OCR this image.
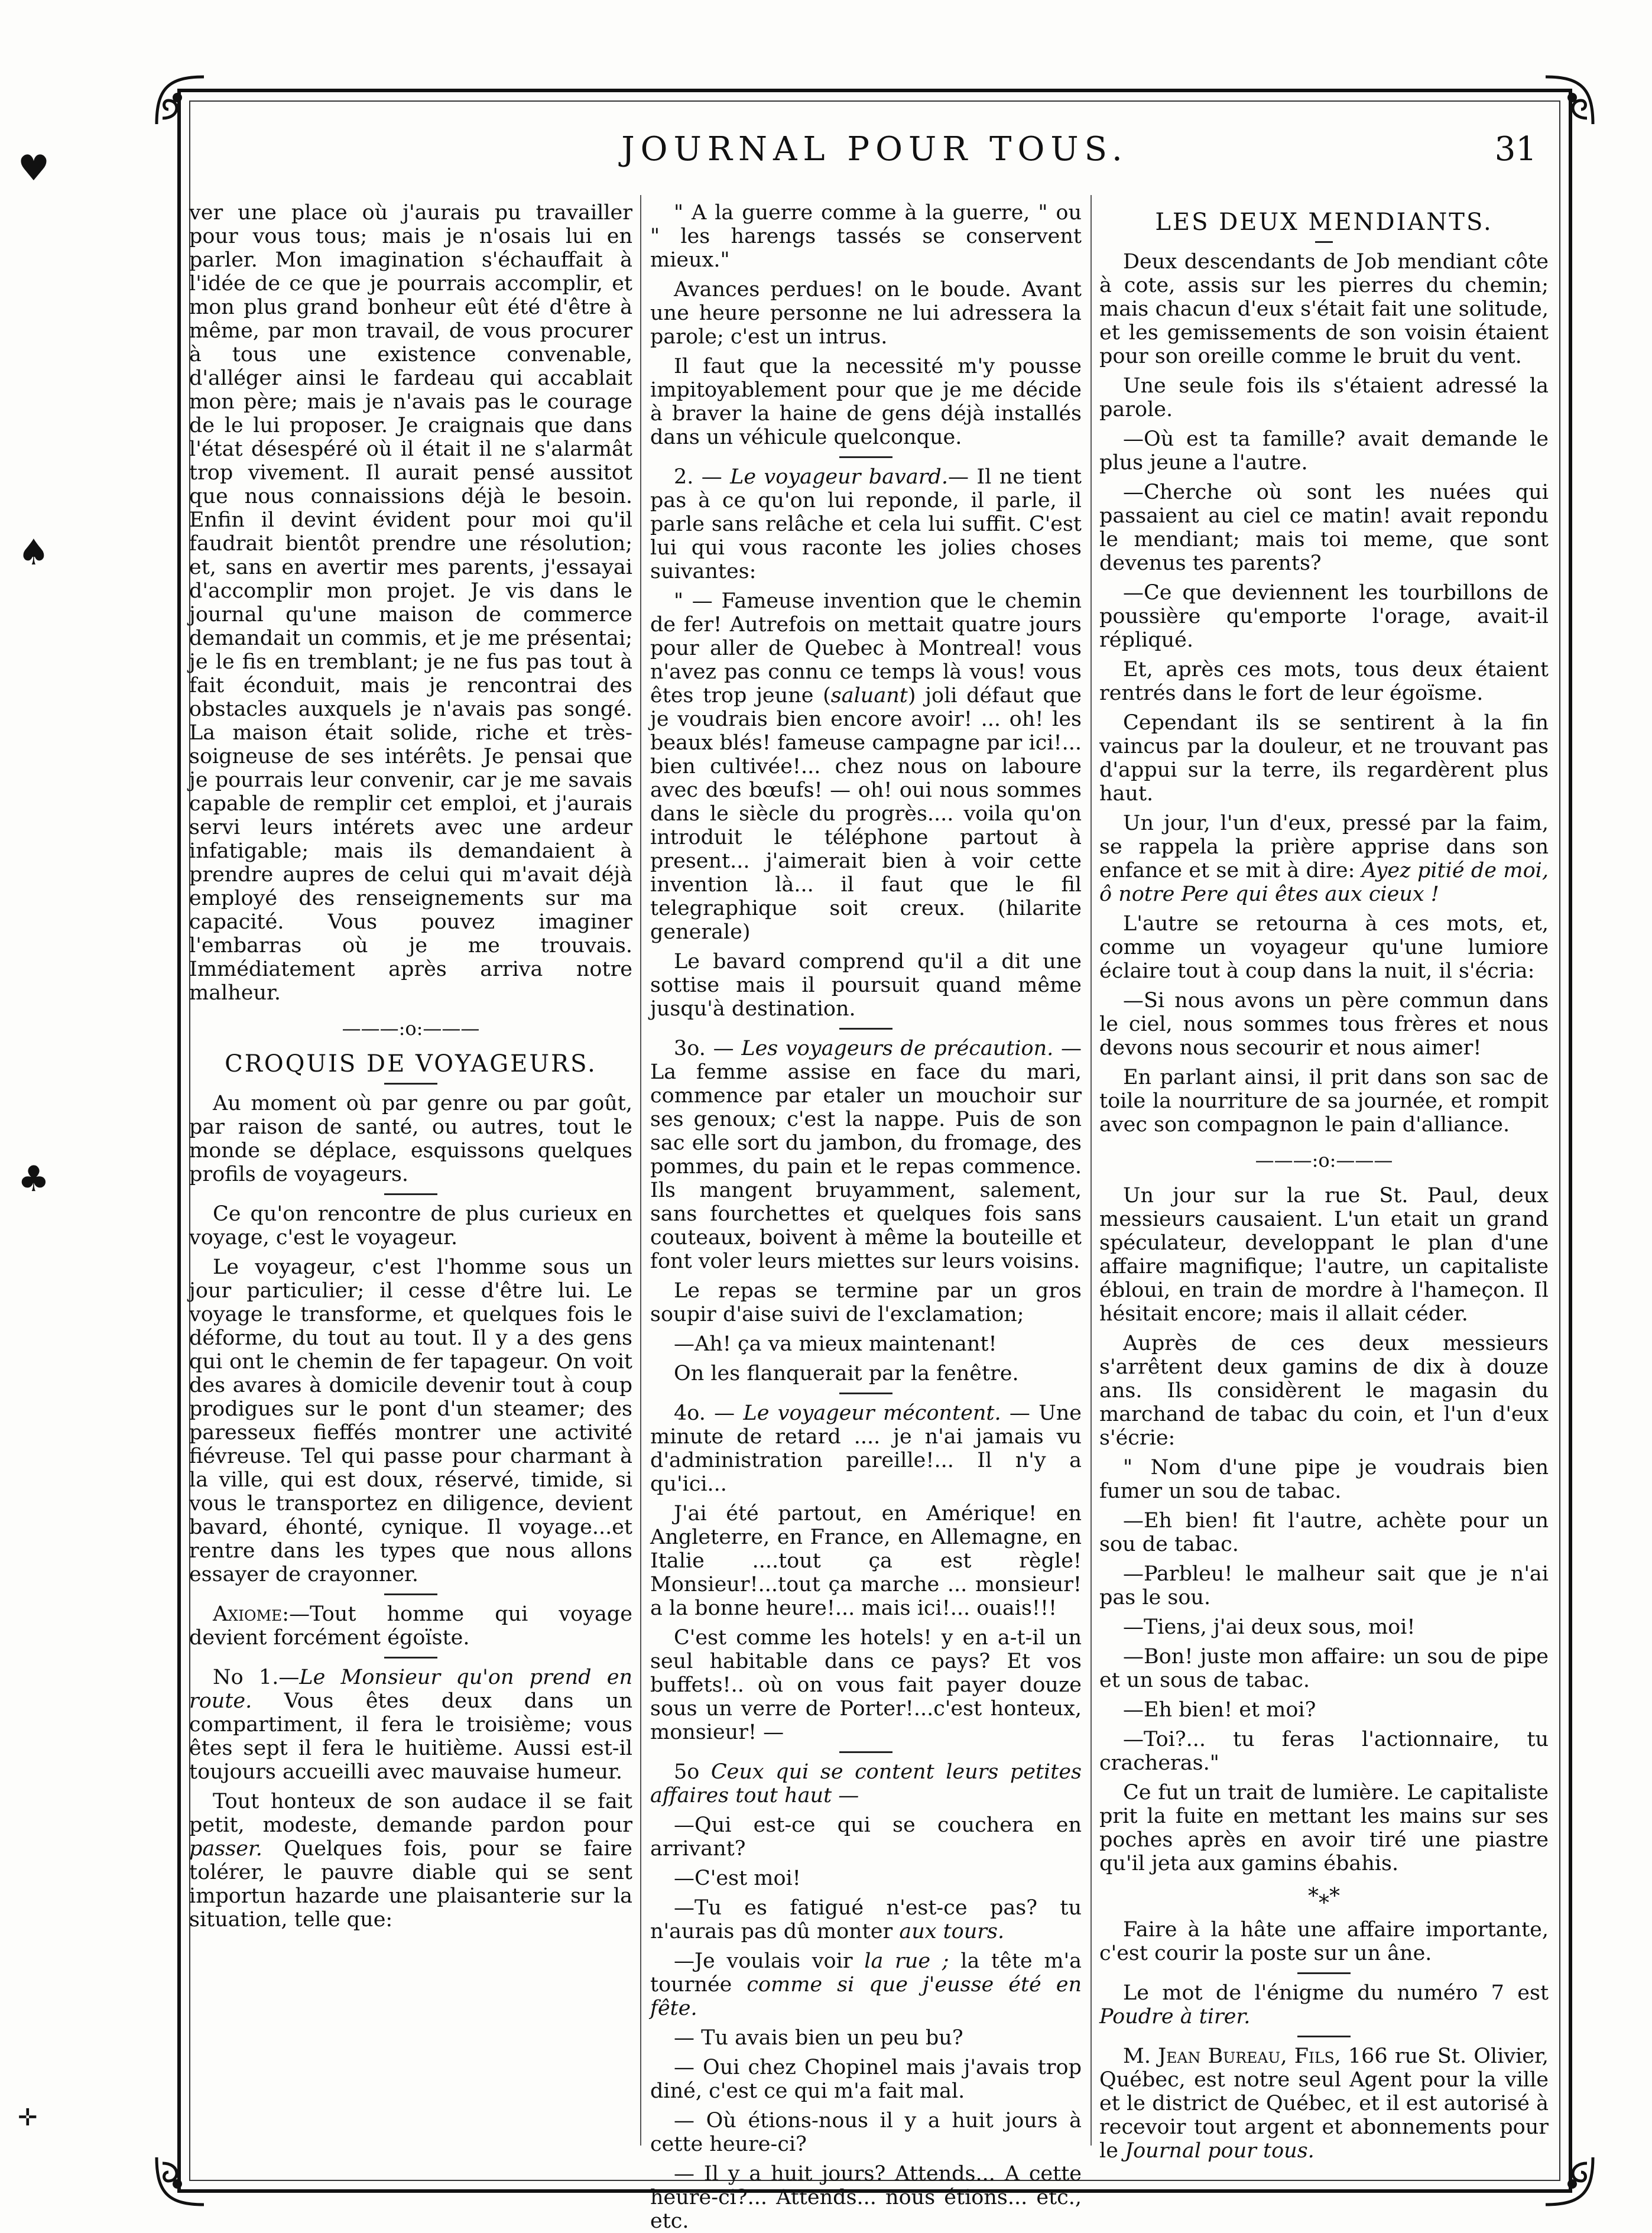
♥
♠
♣
✛
JOURNAL POUR TOUS.	31

ver une place où j'aurais pu travailler pour vous tous; mais je n'osais lui en parler. Mon imagination s'échauffait à l'idée de ce que je pourrais accomplir, et mon plus grand bonheur eût été d'être à même, par mon travail, de vous procurer à tous une existence convenable, d'alléger ainsi le fardeau qui accablait mon père; mais je n'avais pas le courage de le lui proposer. Je craignais que dans l'état désespéré où il était il ne s'alarmât trop vivement. Il aurait pensé aussitot que nous connaissions déjà le besoin. Enfin il devint évident pour moi qu'il faudrait bientôt prendre une résolution; et, sans en avertir mes parents, j'essayai d'accomplir mon projet. Je vis dans le journal qu'une maison de commerce demandait un commis, et je me présentai; je le fis en tremblant; je ne fus pas tout à fait éconduit, mais je rencontrai des obstacles auxquels je n'avais pas songé. La maison était solide, riche et très-soigneuse de ses intérêts. Je pensai que je pourrais leur convenir, car je me savais capable de remplir cet emploi, et j'aurais servi leurs intérets avec une ardeur infatigable; mais ils demandaient à prendre aupres de celui qui m'avait déjà employé des renseignements sur ma capacité. Vous pouvez imaginer l'embarras où je me trouvais. Immédiatement après arriva notre malheur.

———:o:———
CROQUIS DE VOYAGEURS.

Au moment où par genre ou par goût, par raison de santé, ou autres, tout le monde se déplace, esquissons quelques profils de voyageurs.

Ce qu'on rencontre de plus curieux en voyage, c'est le voyageur.

Le voyageur, c'est l'homme sous un jour particulier; il cesse d'être lui. Le voyage le transforme, et quelques fois le déforme, du tout au tout. Il y a des gens qui ont le chemin de fer tapageur. On voit des avares à domicile devenir tout à coup prodigues sur le pont d'un steamer; des paresseux fieffés montrer une activité fiévreuse. Tel qui passe pour charmant à la ville, qui est doux, réservé, timide, si vous le transportez en diligence, devient bavard, éhonté, cynique. Il voyage...et rentre dans les types que nous allons essayer de crayonner.

Axiome:—Tout homme qui voyage devient forcément égoïste.

No 1.—Le Monsieur qu'on prend en route. Vous êtes deux dans un compartiment, il fera le troisième; vous êtes sept il fera le huitième. Aussi est-il toujours accueilli avec mauvaise humeur.

Tout honteux de son audace il se fait petit, modeste, demande pardon pour passer. Quelques fois, pour se faire tolérer, le pauvre diable qui se sent importun hazarde une plaisanterie sur la situation, telle que:

" A la guerre comme à la guerre, " ou " les harengs tassés se conservent mieux."

Avances perdues! on le boude. Avant une heure personne ne lui adressera la parole; c'est un intrus.

Il faut que la necessité m'y pousse impitoyablement pour que je me décide à braver la haine de gens déjà installés dans un véhicule quelconque.

2. — Le voyageur bavard.— Il ne tient pas à ce qu'on lui reponde, il parle, il parle sans relâche et cela lui suffit. C'est lui qui vous raconte les jolies choses suivantes:

" — Fameuse invention que le chemin de fer! Autrefois on mettait quatre jours pour aller de Quebec à Montreal! vous n'avez pas connu ce temps là vous! vous êtes trop jeune (saluant) joli défaut que je voudrais bien encore avoir! ... oh! les beaux blés! fameuse campagne par ici!... bien cultivée!... chez nous on laboure avec des bœufs! — oh! oui nous sommes dans le siècle du progrès.... voila qu'on introduit le téléphone partout à present... j'aimerait bien à voir cette invention là... il faut que le fil telegraphique soit creux. (hilarite generale)

Le bavard comprend qu'il a dit une sottise mais il poursuit quand même jusqu'à destination.

3o. — Les voyageurs de précaution. — La femme assise en face du mari, commence par etaler un mouchoir sur ses genoux; c'est la nappe. Puis de son sac elle sort du jambon, du fromage, des pommes, du pain et le repas commence. Ils mangent bruyamment, salement, sans fourchettes et quelques fois sans couteaux, boivent à même la bouteille et font voler leurs miettes sur leurs voisins.

Le repas se termine par un gros soupir d'aise suivi de l'exclamation;

—Ah! ça va mieux maintenant!

On les flanquerait par la fenêtre.

4o. — Le voyageur mécontent. — Une minute de retard .... je n'ai jamais vu d'administration pareille!... Il n'y a qu'ici...

J'ai été partout, en Amérique! en Angleterre, en France, en Allemagne, en Italie ....tout ça est règle! Monsieur!...tout ça marche ... monsieur! a la bonne heure!... mais ici!... ouais!!!

C'est comme les hotels! y en a-t-il un seul habitable dans ce pays? Et vos buffets!.. où on vous fait payer douze sous un verre de Porter!...c'est honteux, monsieur! —

5o Ceux qui se content leurs petites affaires tout haut —

—Qui est-ce qui se couchera en arrivant?

—C'est moi!

—Tu es fatigué n'est-ce pas? tu n'aurais pas dû monter aux tours.

—Je voulais voir la rue ; la tête m'a tournée comme si que j'eusse été en fête.

— Tu avais bien un peu bu?

— Oui chez Chopinel mais j'avais trop diné, c'est ce qui m'a fait mal.

— Où étions-nous il y a huit jours à cette heure-ci?

— Il y a huit jours? Attends... A cette heure-ci?... Attends... nous étions... etc., etc.

LES DEUX MENDIANTS.

Deux descendants de Job mendiant côte à cote, assis sur les pierres du chemin; mais chacun d'eux s'était fait une solitude, et les gemissements de son voisin étaient pour son oreille comme le bruit du vent.

Une seule fois ils s'étaient adressé la parole.

—Où est ta famille? avait demande le plus jeune a l'autre.

—Cherche où sont les nuées qui passaient au ciel ce matin! avait repondu le mendiant; mais toi meme, que sont devenus tes parents?

—Ce que deviennent les tourbillons de poussière qu'emporte l'orage, avait-il répliqué.

Et, après ces mots, tous deux étaient rentrés dans le fort de leur égoïsme.

Cependant ils se sentirent à la fin vaincus par la douleur, et ne trouvant pas d'appui sur la terre, ils regardèrent plus haut.

Un jour, l'un d'eux, pressé par la faim, se rappela la prière apprise dans son enfance et se mit à dire: Ayez pitié de moi, ô notre Pere qui êtes aux cieux !

L'autre se retourna à ces mots, et, comme un voyageur qu'une lumiore éclaire tout à coup dans la nuit, il s'écria:

—Si nous avons un père commun dans le ciel, nous sommes tous frères et nous devons nous secourir et nous aimer!

En parlant ainsi, il prit dans son sac de toile la nourriture de sa journée, et rompit avec son compagnon le pain d'alliance.

———:o:———

Un jour sur la rue St. Paul, deux messieurs causaient. L'un etait un grand spéculateur, developpant le plan d'une affaire magnifique; l'autre, un capitaliste ébloui, en train de mordre à l'hameçon. Il hésitait encore; mais il allait céder.

Auprès de ces deux messieurs s'arrêtent deux gamins de dix à douze ans. Ils considèrent le magasin du marchand de tabac du coin, et l'un d'eux s'écrie:

" Nom d'une pipe je voudrais bien fumer un sou de tabac.

—Eh bien! fit l'autre, achète pour un sou de tabac.

—Parbleu! le malheur sait que je n'ai pas le sou.

—Tiens, j'ai deux sous, moi!

—Bon! juste mon affaire: un sou de pipe et un sous de tabac.

—Eh bien! et moi?

—Toi?... tu feras l'actionnaire, tu cracheras."

Ce fut un trait de lumière. Le capitaliste prit la fuite en mettant les mains sur ses poches après en avoir tiré une piastre qu'il jeta aux gamins ébahis.

*⁎*

Faire à la hâte une affaire importante, c'est courir la poste sur un âne.

Le mot de l'énigme du numéro 7 est Poudre à tirer.

M. Jean Bureau, Fils, 166 rue St. Olivier, Québec, est notre seul Agent pour la ville et le district de Québec, et il est autorisé à recevoir tout argent et abonnements pour le Journal pour tous.
